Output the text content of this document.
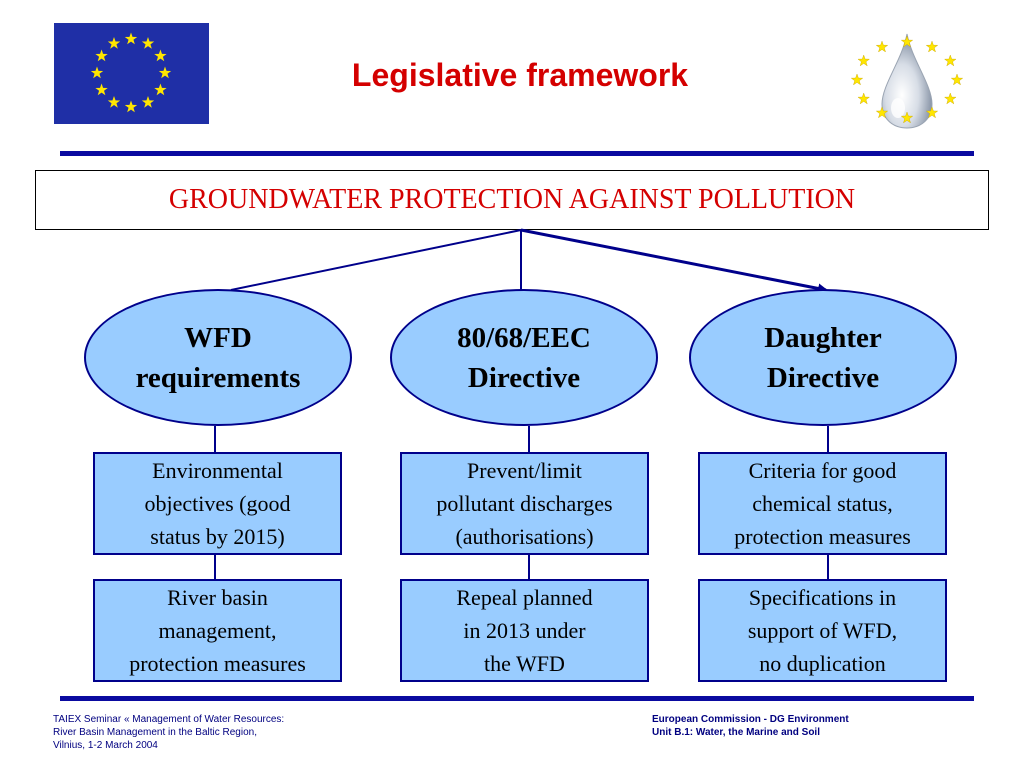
Legislative framework
GROUNDWATER PROTECTION AGAINST POLLUTION
WFD
requirements
Environmental
objectives (good
status by 2015)
River basin
management,
protection measures
80/68/EEC
Directive
Prevent/limit
pollutant discharges
(authorisations)
Repeal planned
in 2013 under
the WFD
Daughter
Directive
Criteria for good
chemical status,
protection measures
Specifications in
support of WFD,
no duplication
TAIEX Seminar « Management of Water Resources:
River Basin Management in the Baltic Region,
Vilnius, 1-2 March 2004
European Commission - DG Environment
Unit B.1: Water, the Marine and Soil
